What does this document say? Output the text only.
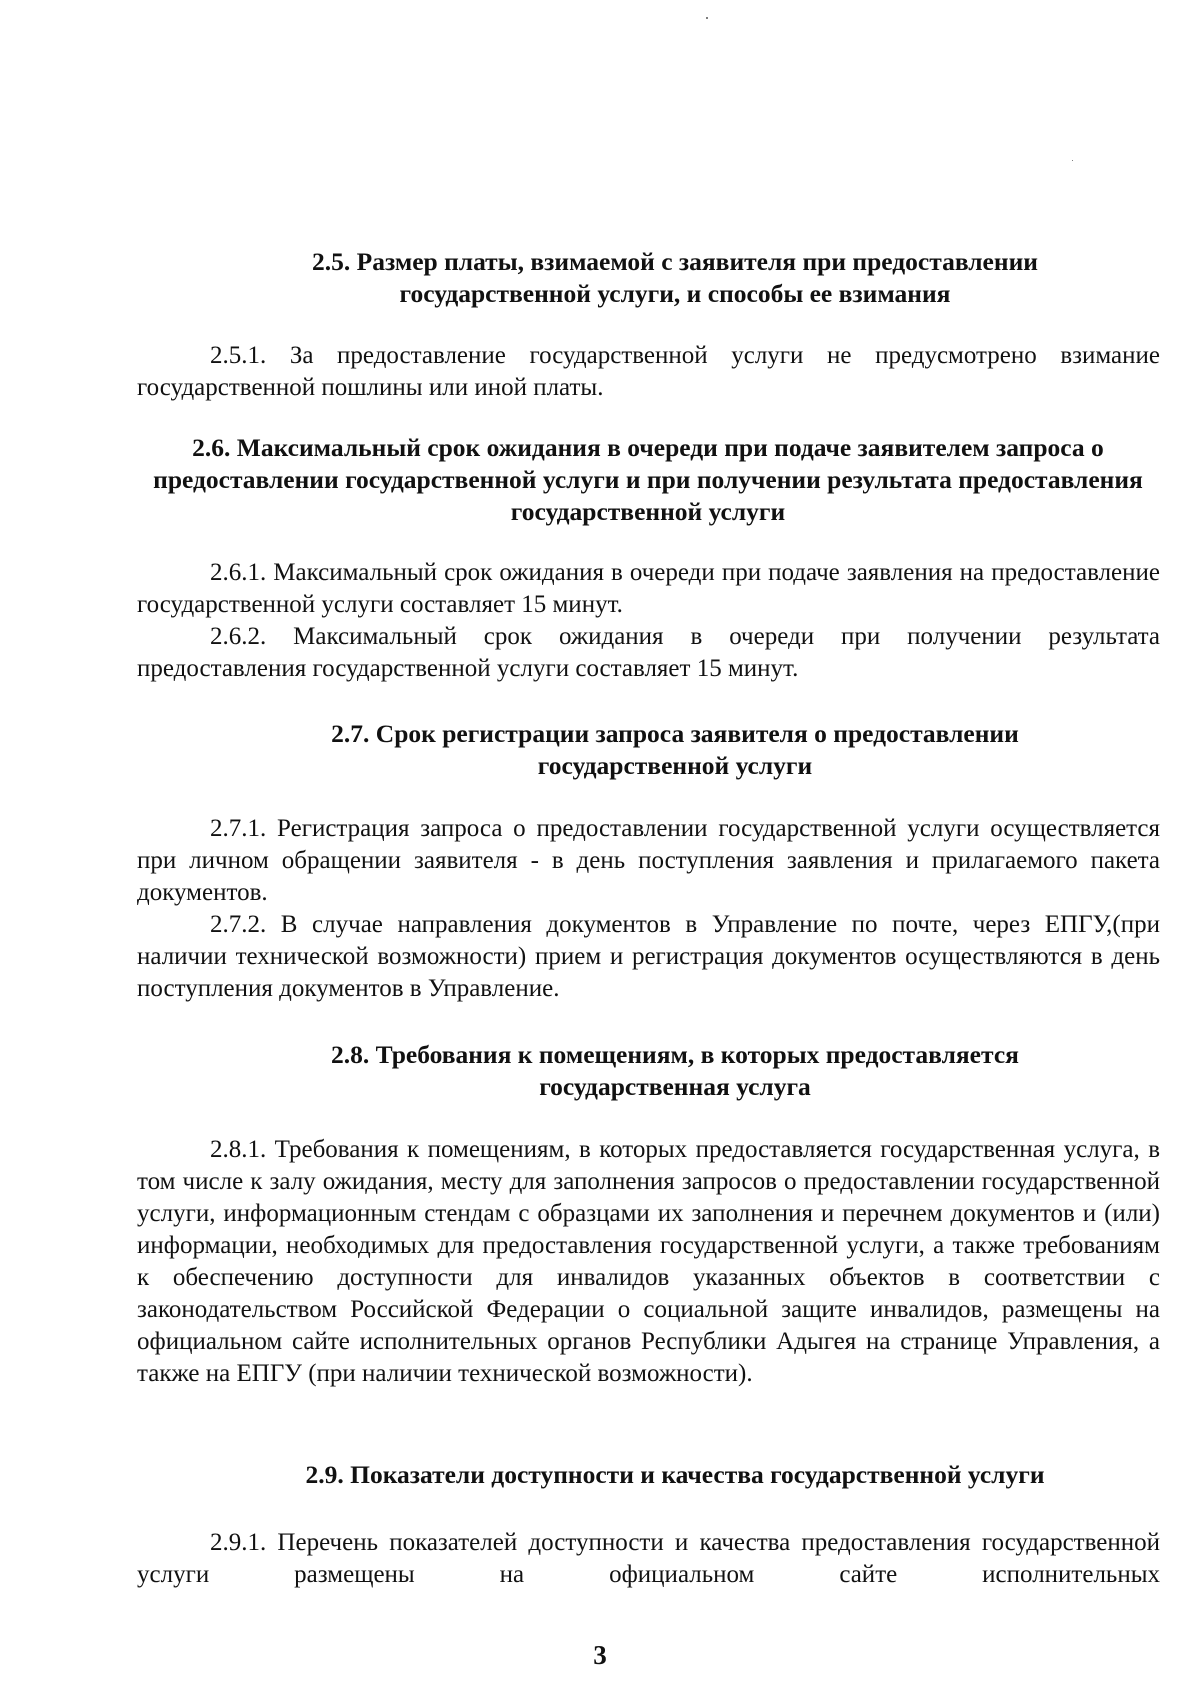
2.5. Размер платы, взимаемой с заявителя при предоставлении государственной услуги, и способы ее взимания
2.5.1. За предоставление государственной услуги не предусмотрено взимание государственной пошлины или иной платы.
2.6. Максимальный срок ожидания в очереди при подаче заявителем запроса о предоставлении государственной услуги и при получении результата предоставления государственной услуги
2.6.1. Максимальный срок ожидания в очереди при подаче заявления на предоставление государственной услуги составляет 15 минут.
2.6.2. Максимальный срок ожидания в очереди при получении результата предоставления государственной услуги составляет 15 минут.
2.7. Срок регистрации запроса заявителя о предоставлении государственной услуги
2.7.1. Регистрация запроса о предоставлении государственной услуги осуществляется при личном обращении заявителя - в день поступления заявления и прилагаемого пакета документов.
2.7.2. В случае направления документов в Управление по почте, через ЕПГУ,(при наличии технической возможности) прием и регистрация документов осуществляются в день поступления документов в Управление.
2.8. Требования к помещениям, в которых предоставляется государственная услуга
2.8.1. Требования к помещениям, в которых предоставляется государственная услуга, в том числе к залу ожидания, месту для заполнения запросов о предоставлении государственной услуги, информационным стендам с образцами их заполнения и перечнем документов и (или) информации, необходимых для предоставления государственной услуги, а также требованиям к обеспечению доступности для инвалидов указанных объектов в соответствии с законодательством Российской Федерации о социальной защите инвалидов, размещены на официальном сайте исполнительных органов Республики Адыгея на странице Управления, а также на ЕПГУ (при наличии технической возможности).
2.9. Показатели доступности и качества государственной услуги
2.9.1. Перечень показателей доступности и качества предоставления государственной услуги размещены на официальном сайте исполнительных
3
